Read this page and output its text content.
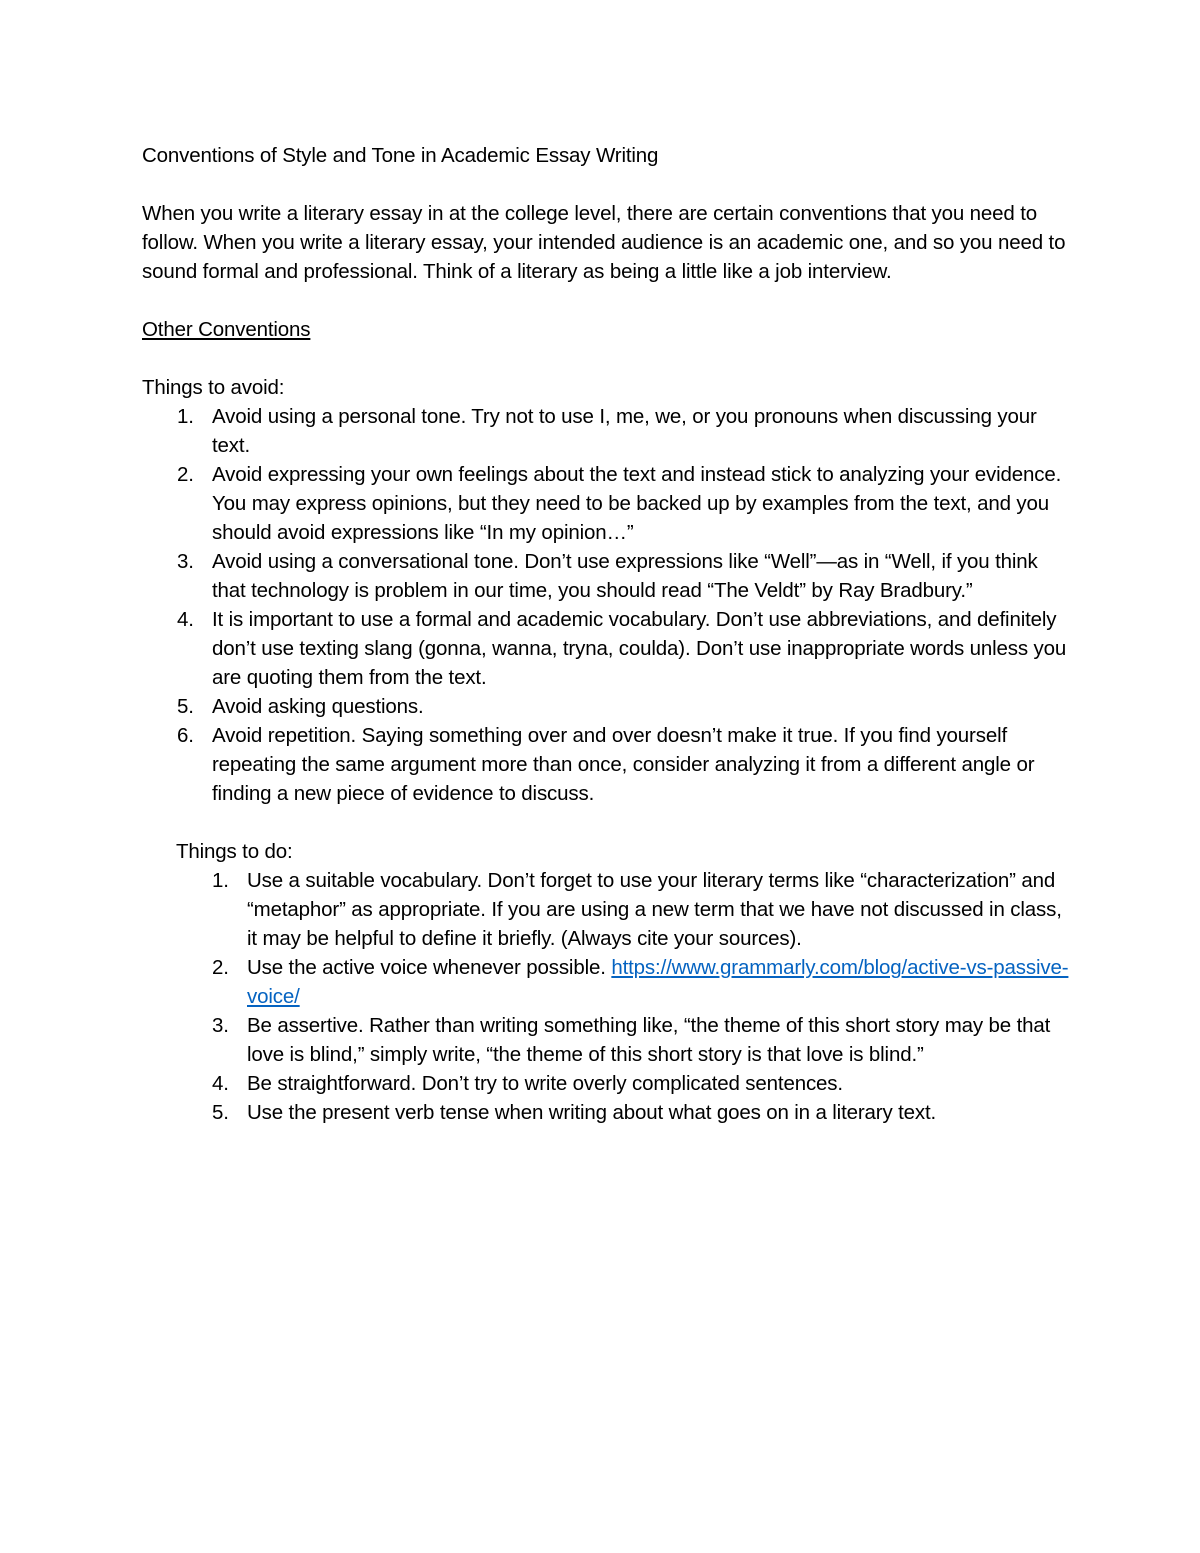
Conventions of Style and Tone in Academic Essay Writing

When you write a literary essay in at the college level, there are certain conventions that you need to follow. When you write a literary essay, your intended audience is an academic one, and so you need to sound formal and professional. Think of a literary as being a little like a job interview.

Other Conventions

Things to avoid:

1. Avoid using a personal tone. Try not to use I, me, we, or you pronouns when discussing your text.
2. Avoid expressing your own feelings about the text and instead stick to analyzing your evidence. You may express opinions, but they need to be backed up by examples from the text, and you should avoid expressions like “In my opinion…”
3. Avoid using a conversational tone. Don’t use expressions like “Well”—as in “Well, if you think that technology is problem in our time, you should read “The Veldt” by Ray Bradbury.”
4. It is important to use a formal and academic vocabulary. Don’t use abbreviations, and definitely don’t use texting slang (gonna, wanna, tryna, coulda). Don’t use inappropriate words unless you are quoting them from the text.
5. Avoid asking questions.
6. Avoid repetition. Saying something over and over doesn’t make it true. If you find yourself repeating the same argument more than once, consider analyzing it from a different angle or finding a new piece of evidence to discuss.

Things to do:

1. Use a suitable vocabulary. Don’t forget to use your literary terms like “characterization” and “metaphor” as appropriate. If you are using a new term that we have not discussed in class, it may be helpful to define it briefly. (Always cite your sources).
2. Use the active voice whenever possible. https://www.grammarly.com/blog/active-vs-passive-voice/
3. Be assertive. Rather than writing something like, “the theme of this short story may be that love is blind,” simply write, “the theme of this short story is that love is blind.”
4. Be straightforward. Don’t try to write overly complicated sentences.
5. Use the present verb tense when writing about what goes on in a literary text.
